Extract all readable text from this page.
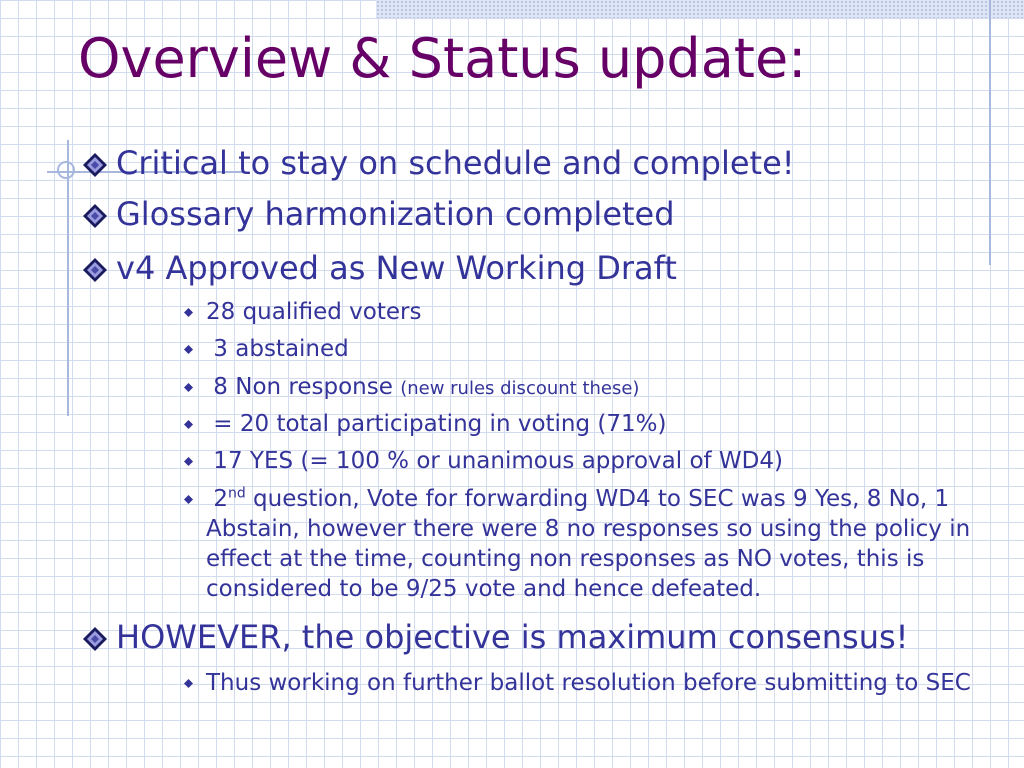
Overview & Status update:
Critical to stay on schedule and complete!
Glossary harmonization completed
v4 Approved as New Working Draft
28 qualified voters
3 abstained
8 Non response (new rules discount these)
= 20 total participating in voting (71%)
17 YES (= 100 % or unanimous approval of WD4)
2nd question, Vote for forwarding WD4 to SEC was 9 Yes, 8 No, 1 Abstain, however there were 8 no responses so using the policy in effect at the time, counting non responses as NO votes, this is considered to be 9/25 vote and hence defeated.
HOWEVER, the objective is maximum consensus!
Thus working on further ballot resolution before submitting to SEC
